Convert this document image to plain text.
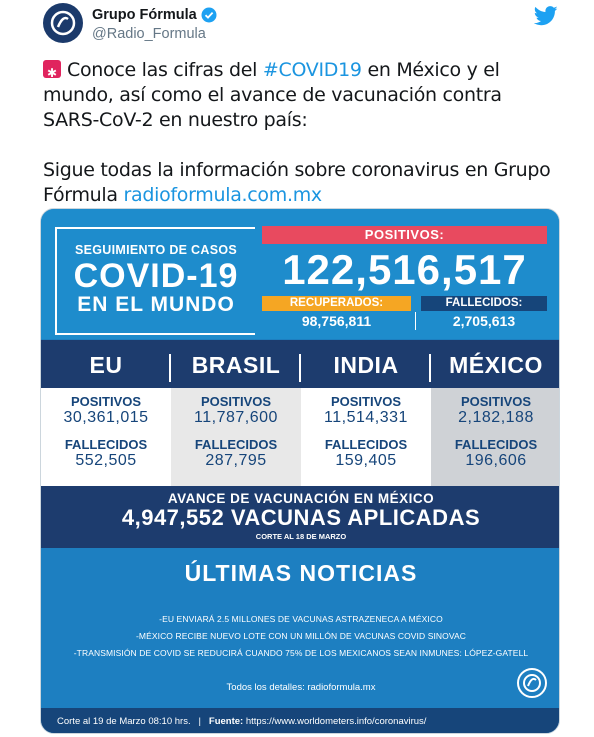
Grupo Fórmula
@Radio_Formula

✱Conoce las cifras del #COVID19 en México y el mundo, así como el avance de vacunación contra SARS-CoV-2 en nuestro país:

Sigue todas la información sobre coronavirus en Grupo Fórmula radioformula.com.mx

SEGUIMIENTO DE CASOS
COVID-19
EN EL MUNDO
POSITIVOS:
122,516,517
RECUPERADOS:	FALLECIDOS:
98,756,811	2,705,613
EU
POSITIVOS
30,361,015
FALLECIDOS
552,505
BRASIL
POSITIVOS
11,787,600
FALLECIDOS
287,795
INDIA
POSITIVOS
11,514,331
FALLECIDOS
159,405
MÉXICO
POSITIVOS
2,182,188
FALLECIDOS
196,606
AVANCE DE VACUNACIÓN EN MÉXICO
4,947,552 VACUNAS APLICADAS
CORTE AL 18 DE MARZO
ÚLTIMAS NOTICIAS
-EU ENVIARÁ 2.5 MILLONES DE VACUNAS ASTRAZENECA A MÉXICO
-MÉXICO RECIBE NUEVO LOTE CON UN MILLÓN DE VACUNAS COVID SINOVAC
-TRANSMISIÓN DE COVID SE REDUCIRÁ CUANDO 75% DE LOS MEXICANOS SEAN INMUNES: LÓPEZ-GATELL
Todos los detalles: radioformula.mx
Corte al 19 de Marzo 08:10 hrs.   |   Fuente: https://www.worldometers.info/coronavirus/
